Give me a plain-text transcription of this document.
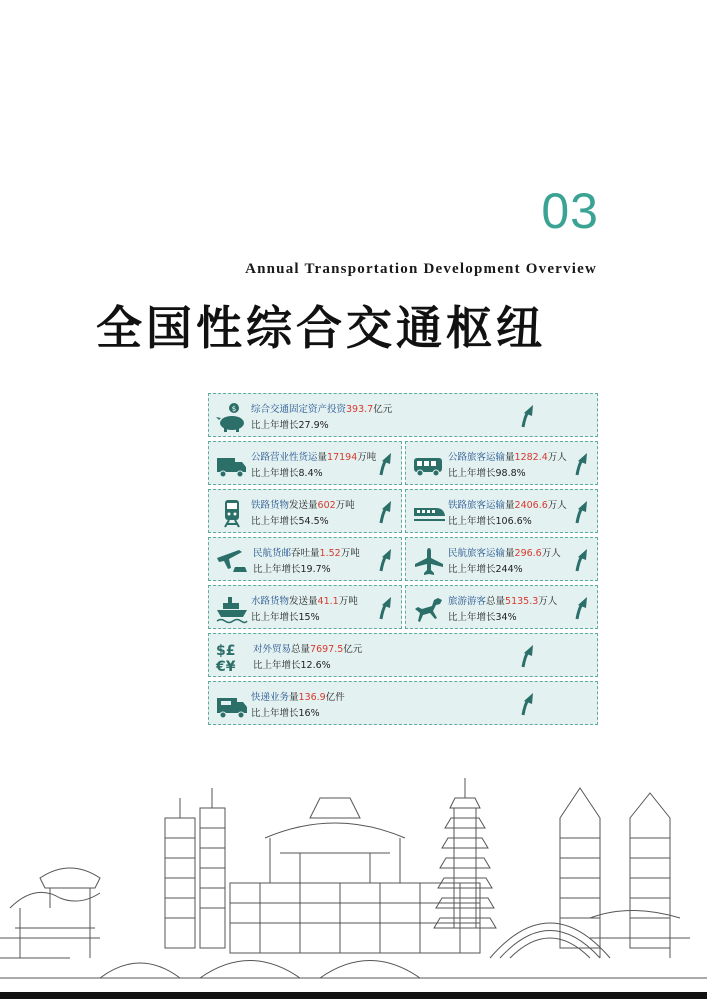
03
Annual Transportation Development Overview
全国性综合交通枢纽
$ 综合交通固定资产投资393.7亿元
比上年增长27.9%
公路营业性货运量17194万吨
比上年增长8.4%
公路旅客运输量1282.4万人
比上年增长98.8%
铁路货物发送量602万吨
比上年增长54.5%
铁路旅客运输量2406.6万人
比上年增长106.6%
民航货邮吞吐量1.52万吨
比上年增长19.7%
民航旅客运输量296.6万人
比上年增长244%
水路货物发送量41.1万吨
比上年增长15%
旅游游客总量5135.3万人
比上年增长34%
$£
€¥
对外贸易总量7697.5亿元
比上年增长12.6%
快递业务量136.9亿件
比上年增长16%
